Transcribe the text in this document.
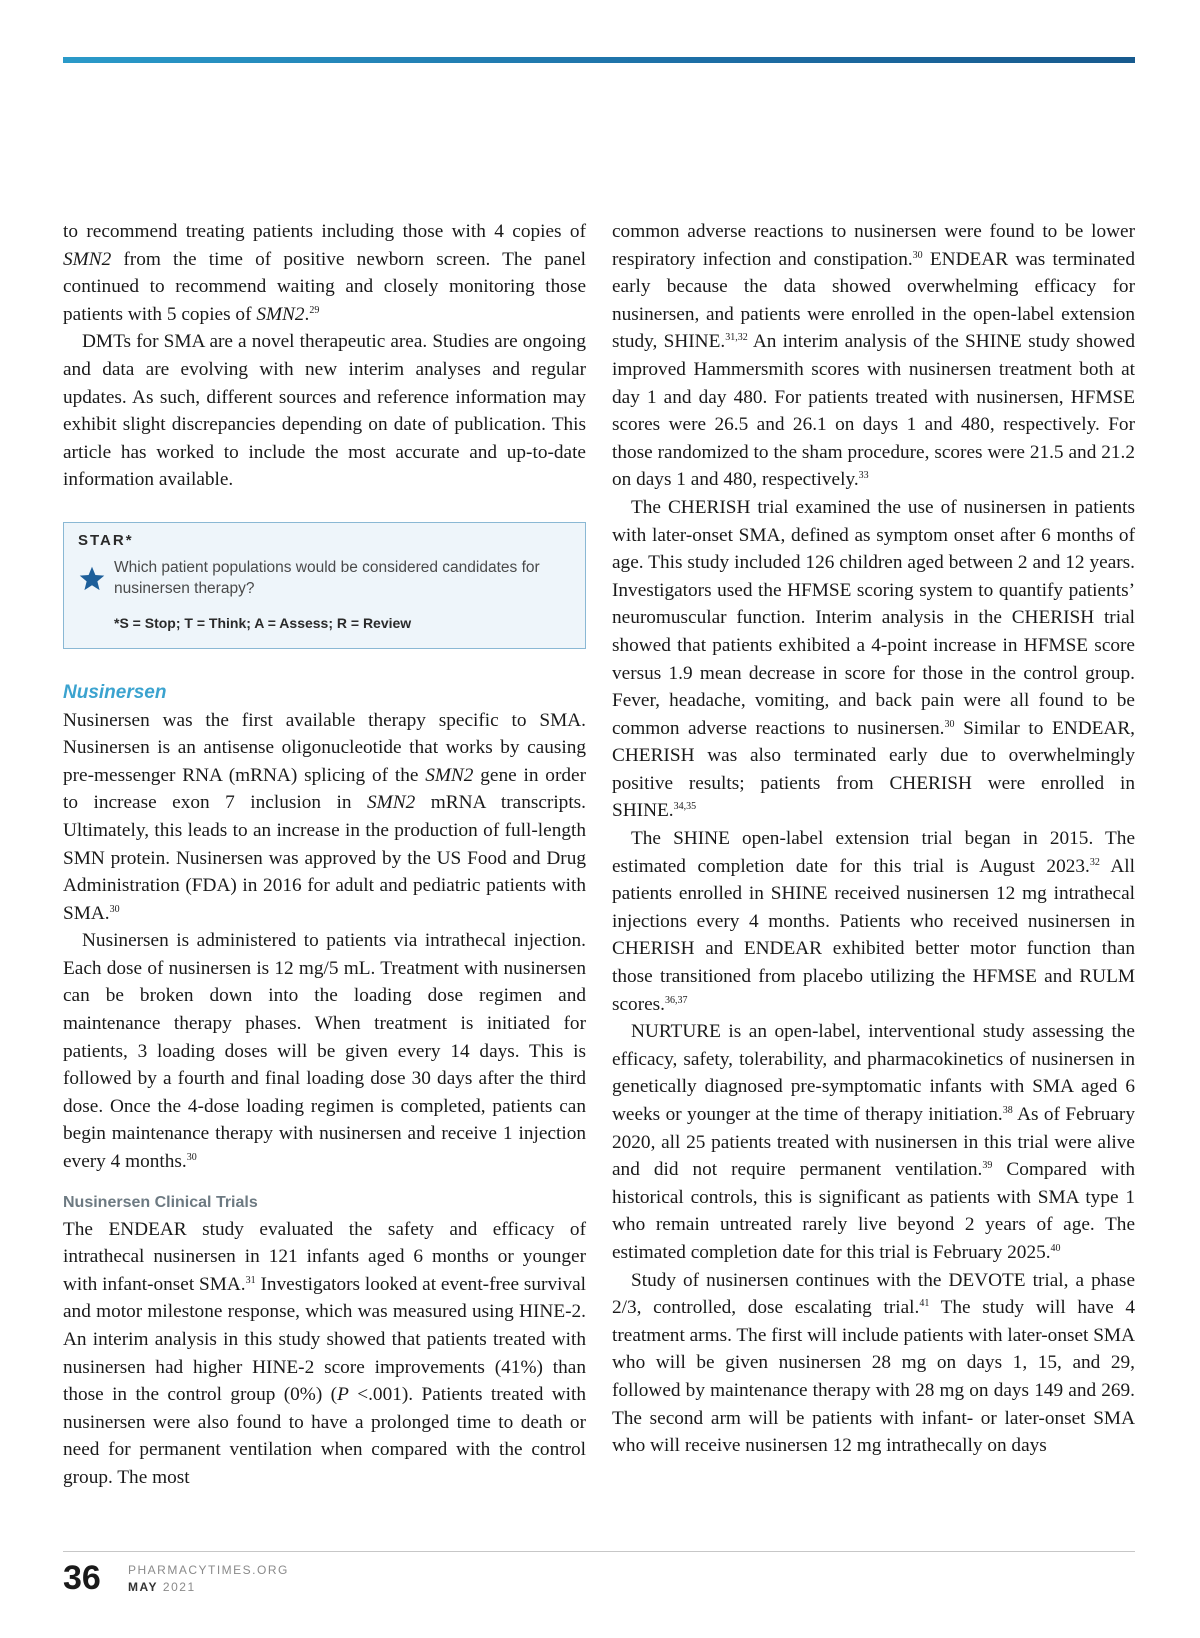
to recommend treating patients including those with 4 copies of SMN2 from the time of positive newborn screen. The panel continued to recommend waiting and closely monitoring those patients with 5 copies of SMN2.29

DMTs for SMA are a novel therapeutic area. Studies are ongoing and data are evolving with new interim analyses and regular updates. As such, different sources and reference information may exhibit slight discrepancies depending on date of publication. This article has worked to include the most accurate and up-to-date information available.

STAR*
Which patient populations would be considered candidates for nusinersen therapy?
*S = Stop; T = Think; A = Assess; R = Review
Nusinersen

Nusinersen was the first available therapy specific to SMA. Nusinersen is an antisense oligonucleotide that works by causing pre-messenger RNA (mRNA) splicing of the SMN2 gene in order to increase exon 7 inclusion in SMN2 mRNA transcripts. Ultimately, this leads to an increase in the production of full-length SMN protein. Nusinersen was approved by the US Food and Drug Administration (FDA) in 2016 for adult and pediatric patients with SMA.$^{30}$

Nusinersen is administered to patients via intrathecal injection. Each dose of nusinersen is 12 mg/5 mL. Treatment with nusinersen can be broken down into the loading dose regimen and maintenance therapy phases. When treatment is initiated for patients, 3 loading doses will be given every 14 days. This is followed by a fourth and final loading dose 30 days after the third dose. Once the 4-dose loading regimen is completed, patients can begin maintenance therapy with nusinersen and receive 1 injection every 4 months.$^{30}$

Nusinersen Clinical Trials

The ENDEAR study evaluated the safety and efficacy of intrathecal nusinersen in 121 infants aged 6 months or younger with infant-onset SMA.$^{31}$ Investigators looked at event-free survival and motor milestone response, which was measured using HINE-2. An interim analysis in this study showed that patients treated with nusinersen had higher HINE-2 score improvements (41%) than those in the control group (0%) (P <.001). Patients treated with nusinersen were also found to have a prolonged time to death or need for permanent ventilation when compared with the control group. The most

common adverse reactions to nusinersen were found to be lower respiratory infection and constipation.$^{30}$ ENDEAR was terminated early because the data showed overwhelming efficacy for nusinersen, and patients were enrolled in the open-label extension study, SHINE.$^{31,32}$ An interim analysis of the SHINE study showed improved Hammersmith scores with nusinersen treatment both at day 1 and day 480. For patients treated with nusinersen, HFMSE scores were 26.5 and 26.1 on days 1 and 480, respectively. For those randomized to the sham procedure, scores were 21.5 and 21.2 on days 1 and 480, respectively.$^{33}$

The CHERISH trial examined the use of nusinersen in patients with later-onset SMA, defined as symptom onset after 6 months of age. This study included 126 children aged between 2 and 12 years. Investigators used the HFMSE scoring system to quantify patients’ neuromuscular function. Interim analysis in the CHERISH trial showed that patients exhibited a 4-point increase in HFMSE score versus 1.9 mean decrease in score for those in the control group. Fever, headache, vomiting, and back pain were all found to be common adverse reactions to nusinersen.$^{30}$ Similar to ENDEAR, CHERISH was also terminated early due to overwhelmingly positive results; patients from CHERISH were enrolled in SHINE.$^{34,35}$

The SHINE open-label extension trial began in 2015. The estimated completion date for this trial is August 2023.32 All patients enrolled in SHINE received nusinersen 12 mg intrathecal injections every 4 months. Patients who received nusinersen in CHERISH and ENDEAR exhibited better motor function than those transitioned from placebo utilizing the HFMSE and RULM scores.$^{36,37}$

NURTURE is an open-label, interventional study assessing the efficacy, safety, tolerability, and pharmacokinetics of nusinersen in genetically diagnosed pre-symptomatic infants with SMA aged 6 weeks or younger at the time of therapy initiation.$^{38}$ As of February 2020, all 25 patients treated with nusinersen in this trial were alive and did not require permanent ventilation.$^{39}$ Compared with historical controls, this is significant as patients with SMA type 1 who remain untreated rarely live beyond 2 years of age. The estimated completion date for this trial is February 2025.40

Study of nusinersen continues with the DEVOTE trial, a phase 2/3, controlled, dose escalating trial.$^{41}$ The study will have 4 treatment arms. The first will include patients with later-onset SMA who will be given nusinersen 28 mg on days 1, 15, and 29, followed by maintenance therapy with 28 mg on days 149 and 269. The second arm will be patients with infant- or later-onset SMA who will receive nusinersen 12 mg intrathecally on days

36 PHARMACYTIMES.ORG
MAY 2021
